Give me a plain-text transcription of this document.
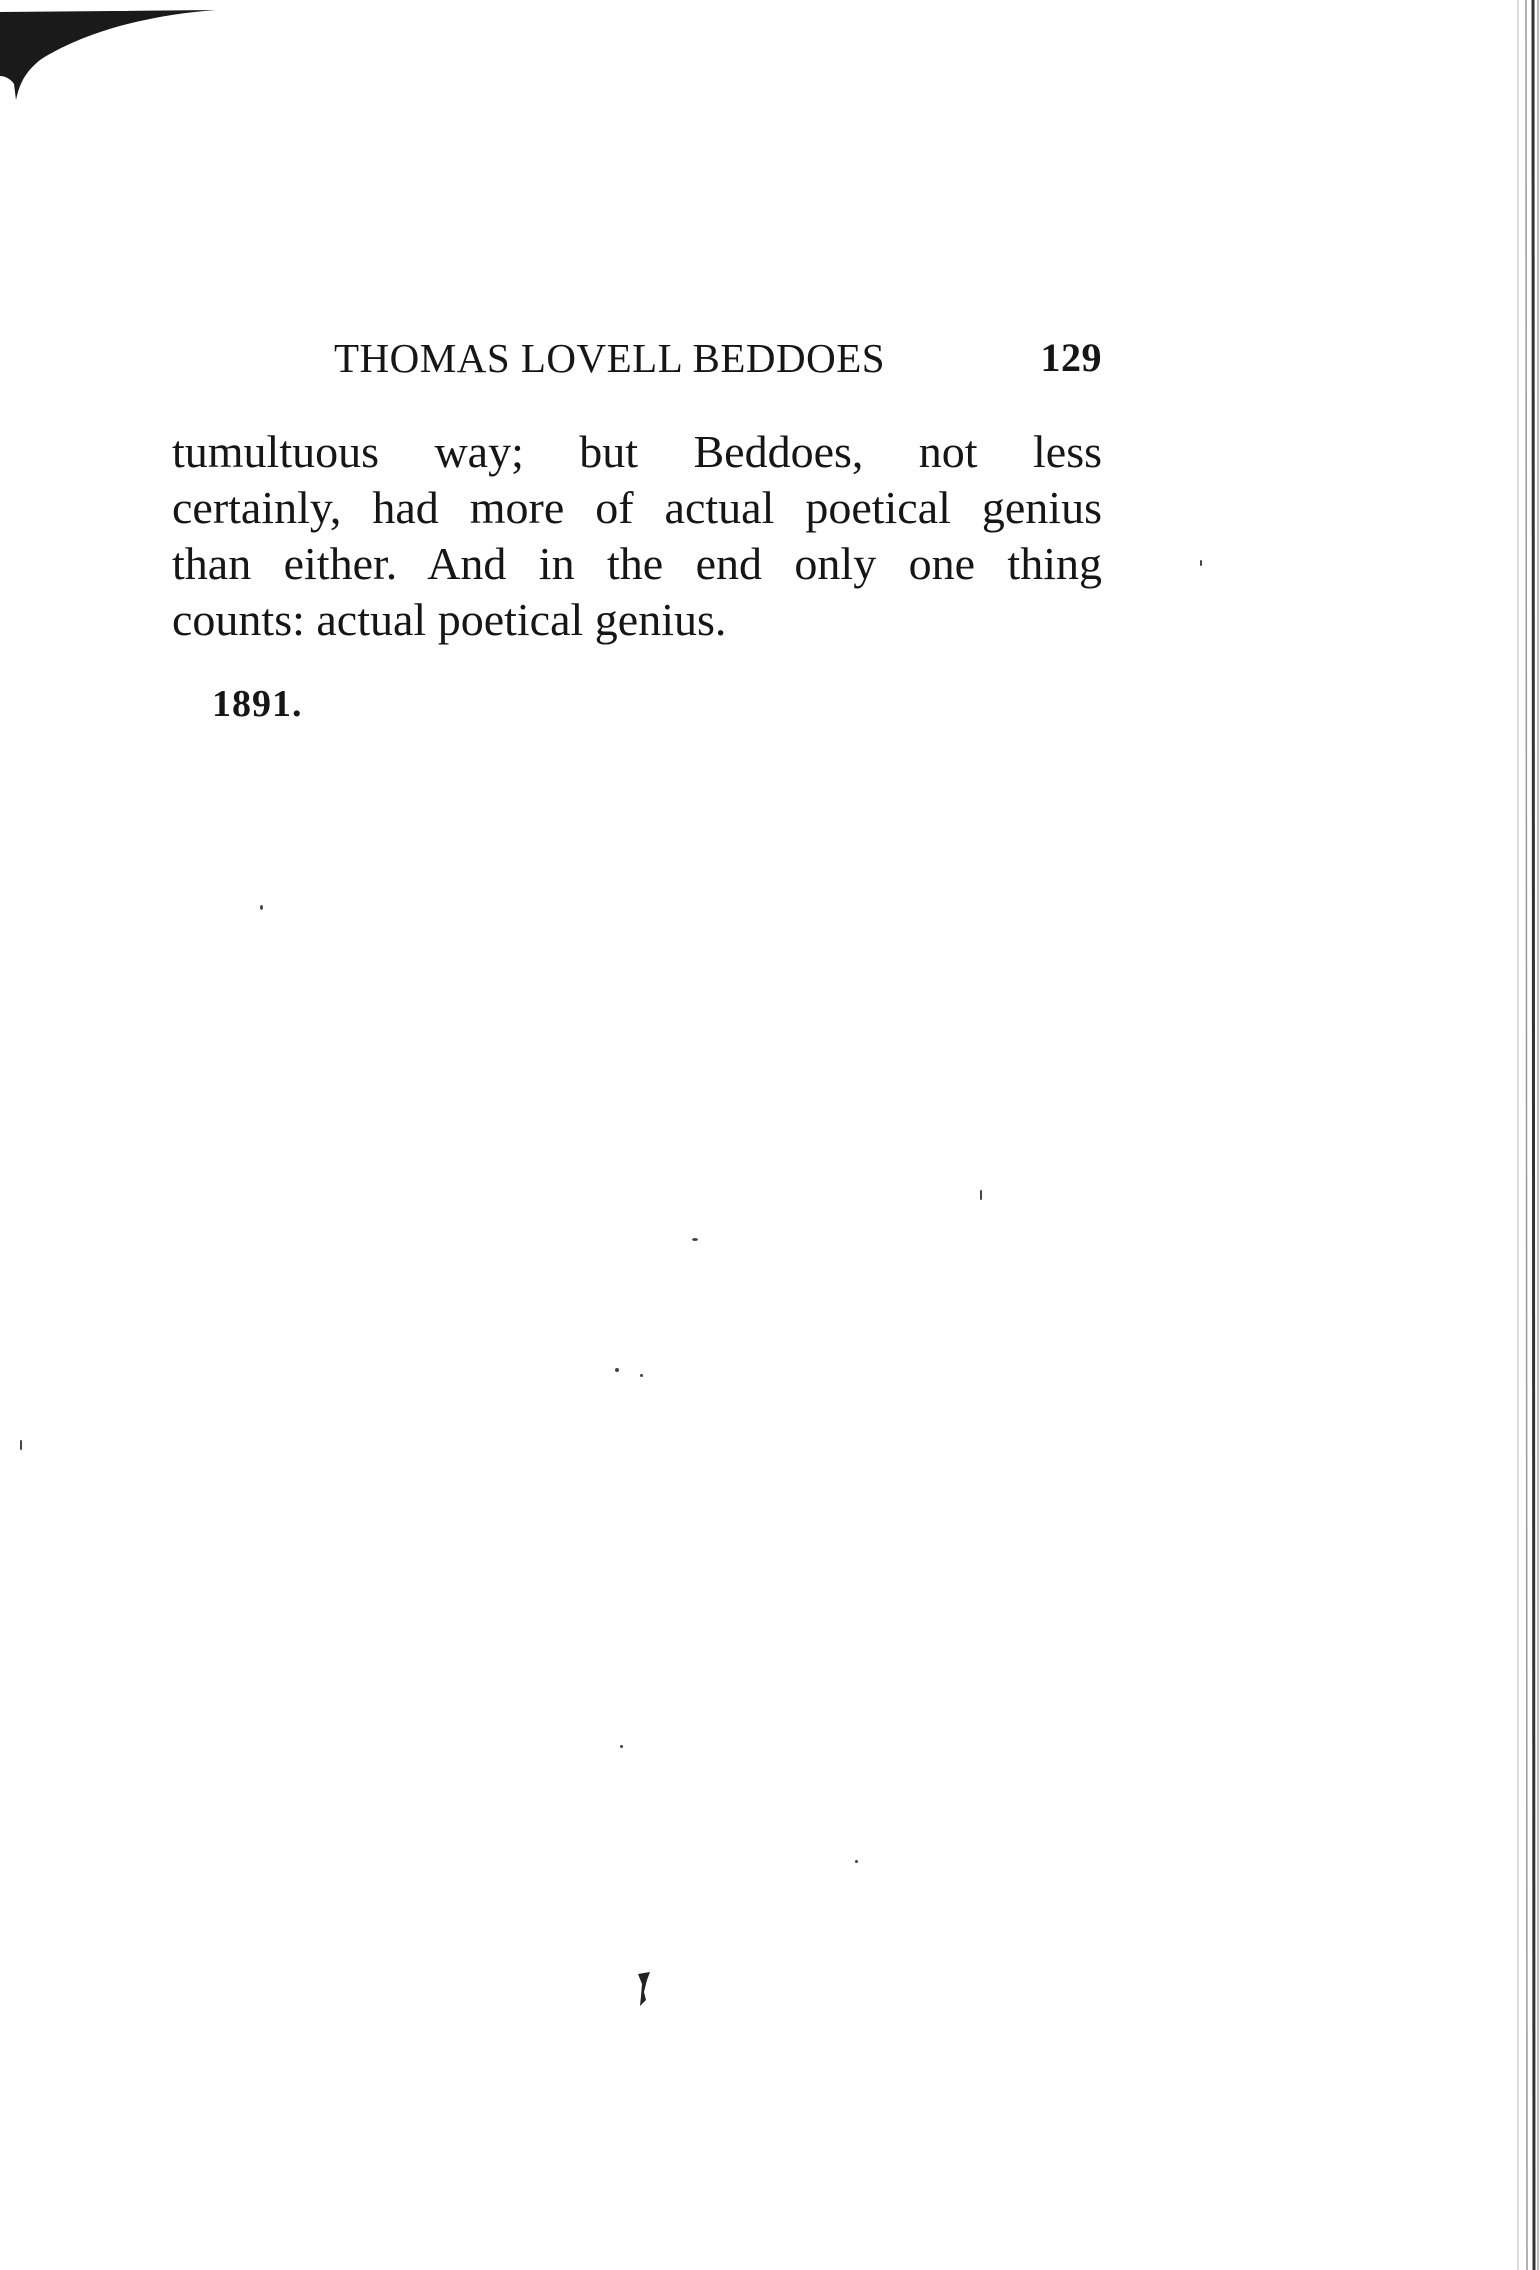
THOMAS LOVELL BEDDOES	129
tumultuous way; but Beddoes, not less
certainly, had more of actual poetical genius
than either. And in the end only one thing
counts: actual poetical genius.
1891.
